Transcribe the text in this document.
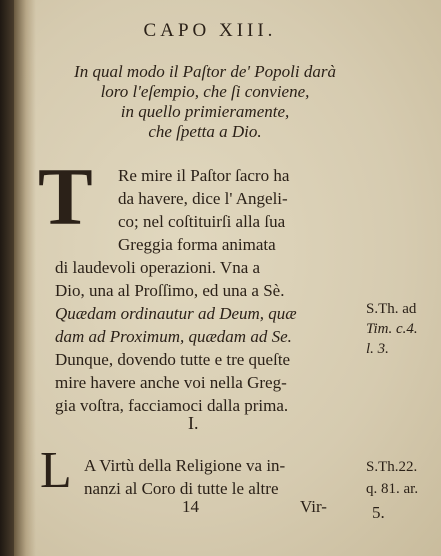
CAPO XIII.
In qual modo il Paſtor de' Popoli darà
loro l'eſempio, che ſi conviene,
in quello primieramente,
che ſpetta a Dio.
T Re mire il Paſtor ſacro ha
da havere, dice l' Angeli-
co; nel coſtituirſi alla ſua
Greggia forma animata
di laudevoli operazioni. Vna a
Dio, una al Proſſimo, ed una a Sè.
Quædam ordinautur ad Deum, quæ
dam ad Proximum, quædam ad Se.
Dunque, dovendo tutte e tre queſte
mire havere anche voi nella Greg-
gia voſtra, facciamoci dalla prima.
S.Th. ad
Tim. c.4.
l. 3.
I.
L A Virtù della Religione va in-
nanzi al Coro di tutte le altre
S.Th.22.
q. 81. ar.
14	Vir-	5.
